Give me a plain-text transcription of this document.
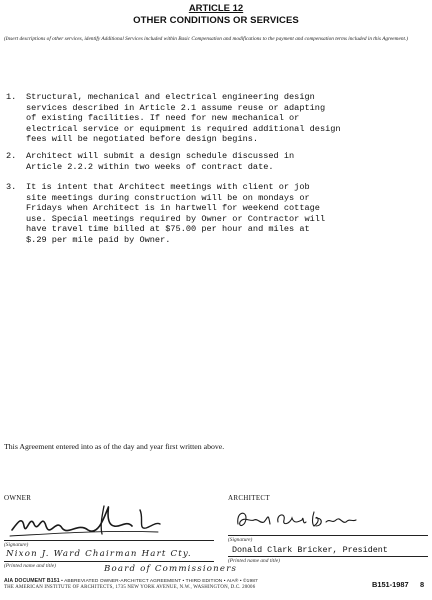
ARTICLE 12
OTHER CONDITIONS OR SERVICES
(Insert descriptions of other services, identify Additional Services included within Basic Compensation and modifications to the payment and compensation terms included in this Agreement.)
1. Structural, mechanical and electrical engineering design
services described in Article 2.1 assume reuse or adapting
of existing facilities. If need for new mechanical or
electrical service or equipment is required additional design
fees will be negotiated before design begins.
2. Architect will submit a design schedule discussed in
Article 2.2.2 within two weeks of contract date.
3. It is intent that Architect meetings with client or job
site meetings during construction will be on mondays or
Fridays when Architect is in hartwell for weekend cottage
use. Special meetings required by Owner or Contractor will
have travel time billed at $75.00 per hour and miles at
$.29 per mile paid by Owner.
This Agreement entered into as of the day and year first written above.
OWNER
(Signature)
Nixon J. Ward Chairman Hart Cty.
(Printed name and title)	Board of Commissioners
ARCHITECT
(Signature)
Donald Clark Bricker, President
(Printed name and title)
AIA DOCUMENT B151 • ABBREVIATED OWNER-ARCHITECT AGREEMENT • THIRD EDITION • AIA® • ©1987
THE AMERICAN INSTITUTE OF ARCHITECTS, 1735 NEW YORK AVENUE, N.W., WASHINGTON, D.C. 20006	B151-1987 8
